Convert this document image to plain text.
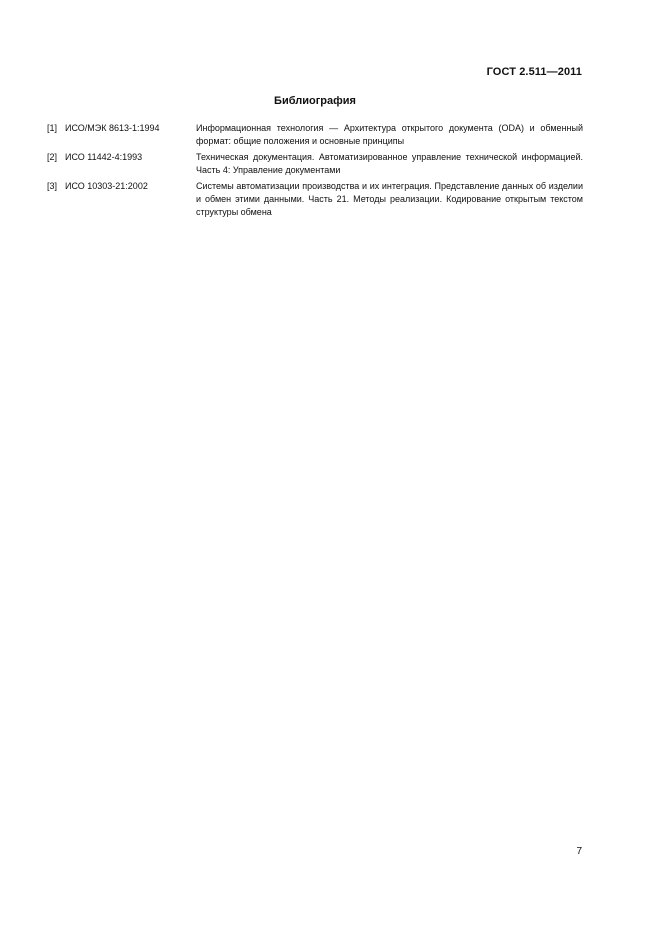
ГОСТ 2.511—2011
Библиография
[1] ИСО/МЭК 8613-1:1994	Информационная технология — Архитектура открытого документа (ODA) и обменный формат: общие положения и основные принципы
[2] ИСО 11442-4:1993	Техническая документация. Автоматизированное управление технической информацией. Часть 4: Управление документами
[3] ИСО 10303-21:2002	Системы автоматизации производства и их интеграция. Представление данных об изделии и обмен этими данными. Часть 21. Методы реализации. Кодирование открытым текстом структуры обмена
7
